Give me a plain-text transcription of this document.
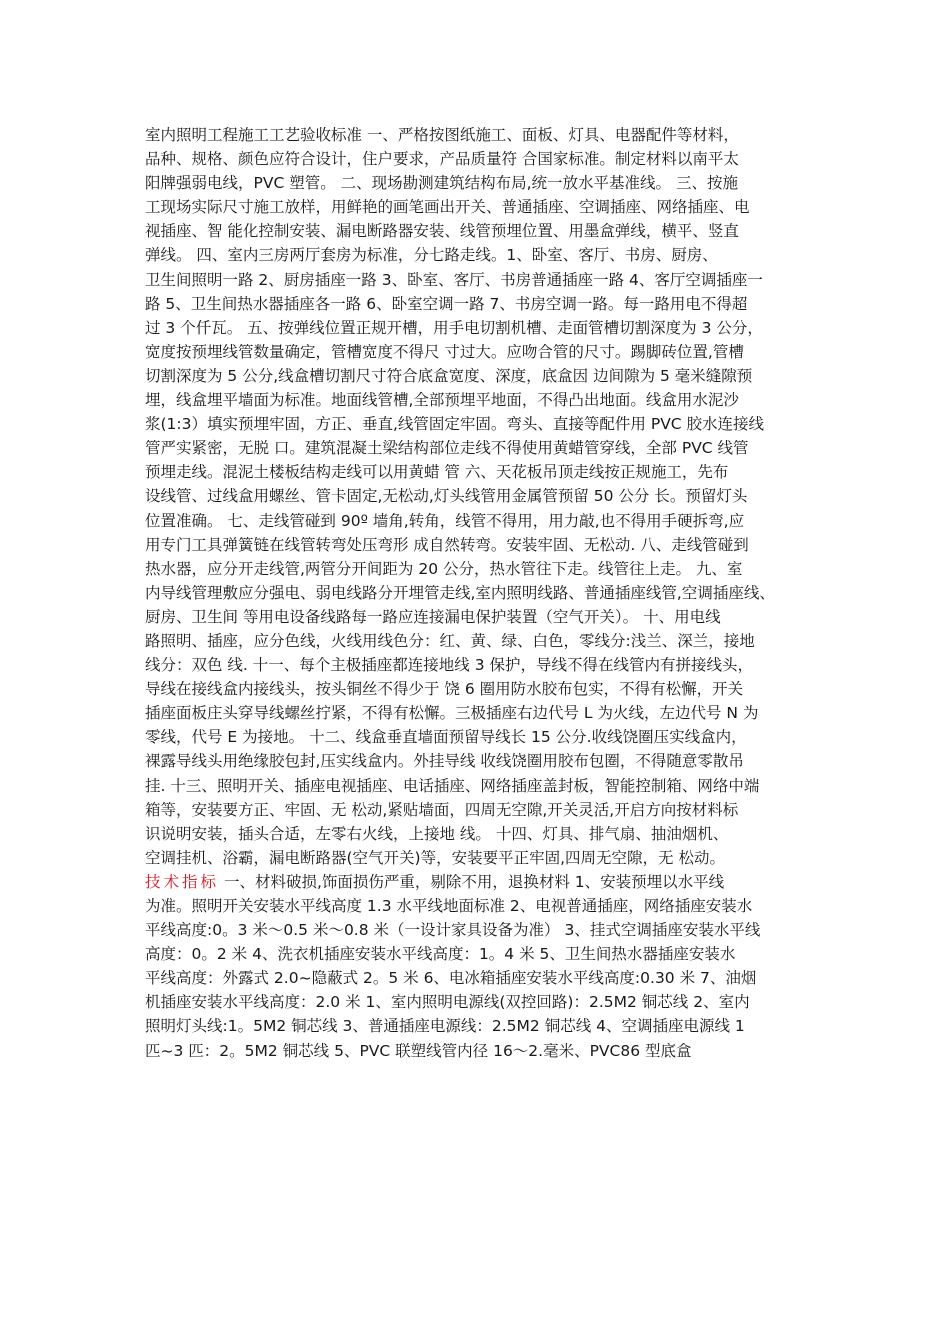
室内照明工程施工工艺验收标准 一、严格按图纸施工、面板、灯具、电器配件等材料，
品种、规格、颜色应符合设计，住户要求，产品质量符 合国家标准。制定材料以南平太
阳牌强弱电线，PVC 塑管。 二、现场勘测建筑结构布局,统一放水平基准线。 三、按施
工现场实际尺寸施工放样，用鲜艳的画笔画出开关、普通插座、空调插座、网络插座、电
视插座、智 能化控制安装、漏电断路器安装、线管预埋位置、用墨盒弹线，横平、竖直
弹线。 四、室内三房两厅套房为标准，分七路走线。1、卧室、客厅、书房、厨房、
卫生间照明一路 2、厨房插座一路 3、卧室、客厅、书房普通插座一路 4、客厅空调插座一
路 5、卫生间热水器插座各一路 6、卧室空调一路 7、书房空调一路。每一路用电不得超
过 3 个仟瓦。 五、按弹线位置正规开槽，用手电切割机槽、走面管槽切割深度为 3 公分，
宽度按预埋线管数量确定，管槽宽度不得尺 寸过大。应吻合管的尺寸。踢脚砖位置,管槽
切割深度为 5 公分,线盒槽切割尺寸符合底盒宽度、深度，底盒因 边间隙为 5 毫米缝隙预
埋，线盒埋平墙面为标准。地面线管槽,全部预埋平地面，不得凸出地面。线盒用水泥沙
浆(1:3）填实预埋牢固，方正、垂直,线管固定牢固。弯头、直接等配件用 PVC 胶水连接线
管严实紧密，无脱 口。建筑混凝土梁结构部位走线不得使用黄蜡管穿线，全部 PVC 线管
预埋走线。混泥土楼板结构走线可以用黄蜡 管 六、天花板吊顶走线按正规施工，先布
设线管、过线盒用螺丝、管卡固定,无松动,灯头线管用金属管预留 50 公分 长。预留灯头
位置准确。 七、走线管碰到 90º 墙角,转角，线管不得用，用力敲,也不得用手硬拆弯,应
用专门工具弹簧链在线管转弯处压弯形 成自然转弯。安装牢固、无松动. 八、走线管碰到
热水器，应分开走线管,两管分开间距为 20 公分，热水管往下走。线管往上走。 九、室
内导线管理敷应分强电、弱电线路分开埋管走线,室内照明线路、普通插座线管,空调插座线、
厨房、卫生间 等用电设备线路每一路应连接漏电保护装置（空气开关）。 十、用电线
路照明、插座，应分色线，火线用线色分：红、黄、绿、白色，零线分:浅兰、深兰，接地
线分：双色 线. 十一、每个主极插座都连接地线 3 保护，导线不得在线管内有拼接线头，
导线在接线盒内接线头，按头铜丝不得少于 饶 6 圈用防水胶布包实，不得有松懈，开关
插座面板庄头穿导线螺丝拧紧，不得有松懈。三极插座右边代号 L 为火线，左边代号 N 为
零线，代号 E 为接地。 十二、线盒垂直墙面预留导线长 15 公分.收线饶圈压实线盒内，
裸露导线头用绝缘胶包封,压实线盒内。外挂导线 收线饶圈用胶布包圈，不得随意零散吊
挂. 十三、照明开关、插座电视插座、电话插座、网络插座盖封板，智能控制箱、网络中端
箱等，安装要方正、牢固、无 松动,紧贴墙面，四周无空隙,开关灵活,开启方向按材料标
识说明安装，插头合适，左零右火线，上接地 线。 十四、灯具、排气扇、抽油烟机、
空调挂机、浴霸，漏电断路器(空气开关)等，安装要平正牢固,四周无空隙，无 松动。
技术指标 一、材料破损,饰面损伤严重，剔除不用，退换材料 1、安装预埋以水平线
为准。照明开关安装水平线高度 1.3 水平线地面标准 2、电视普通插座，网络插座安装水
平线高度:0。3 米～0.5 米～0.8 米（一设计家具设备为准） 3、挂式空调插座安装水平线
高度：0。2 米 4、洗衣机插座安装水平线高度：1。4 米 5、卫生间热水器插座安装水
平线高度：外露式 2.0~隐蔽式 2。5 米 6、电冰箱插座安装水平线高度:0.30 米 7、油烟
机插座安装水平线高度：2.0 米 1、室内照明电源线(双控回路)：2.5M2 铜芯线 2、室内
照明灯头线:1。5M2 铜芯线 3、普通插座电源线：2.5M2 铜芯线 4、空调插座电源线 1
匹~3 匹：2。5M2 铜芯线 5、PVC 联塑线管内径 16～2.毫米、PVC86 型底盒
